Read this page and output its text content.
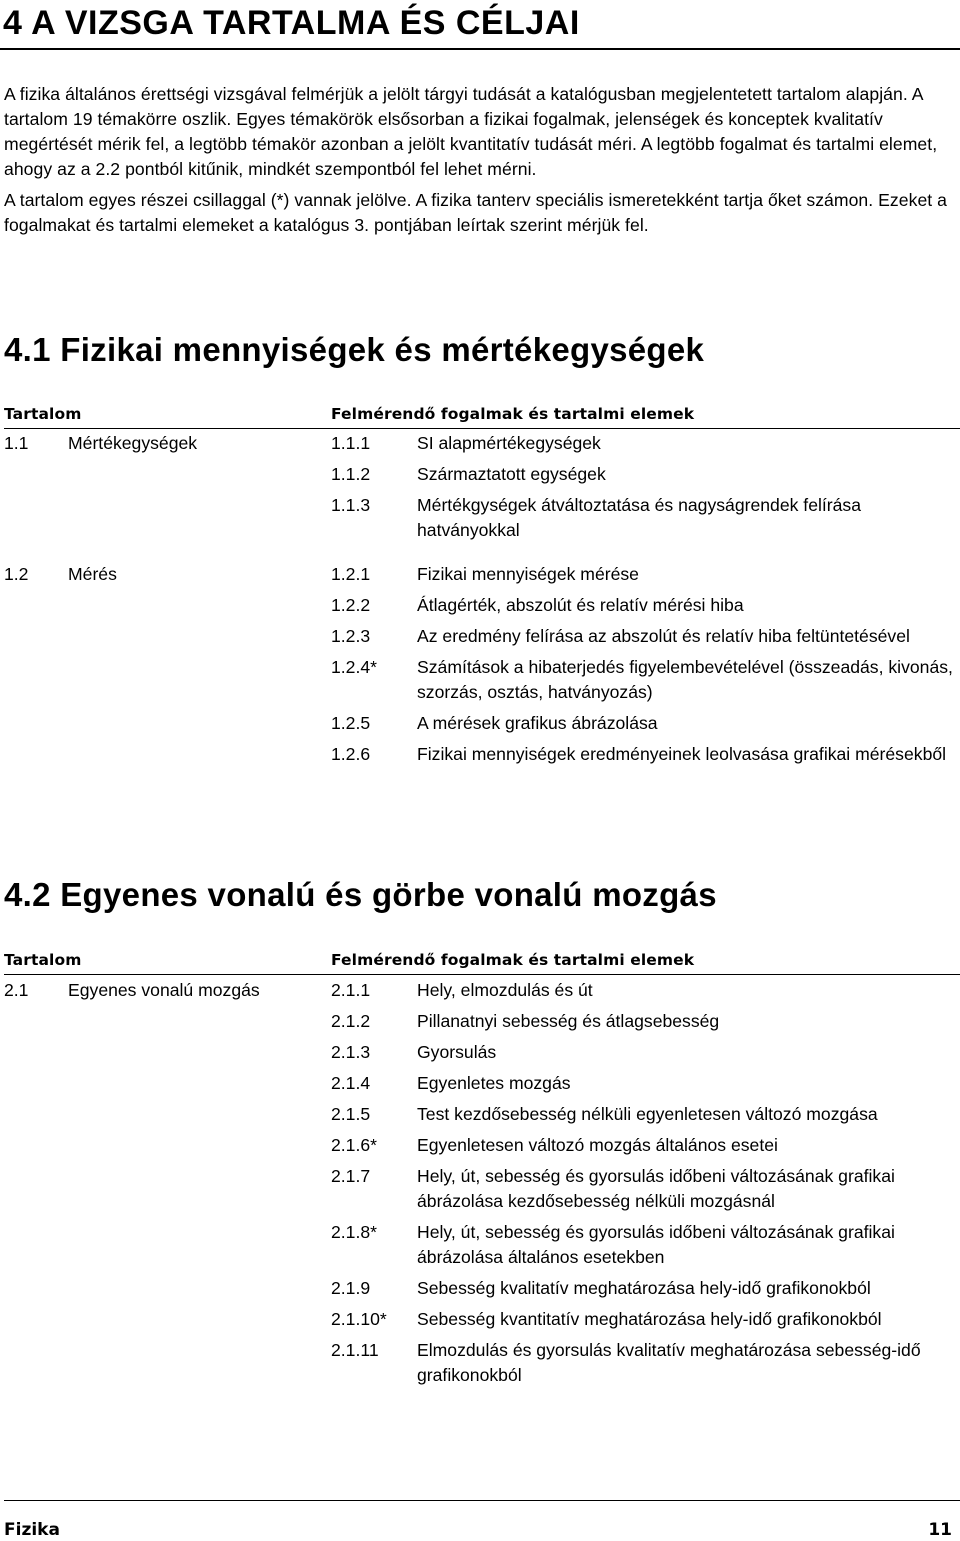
4 A VIZSGA TARTALMA ÉS CÉLJAI

A fizika általános érettségi vizsgával felmérjük a jelölt tárgyi tudását a katalógusban megjelentetett tartalom alapján. A tartalom 19 témakörre oszlik. Egyes témakörök elsősorban a fizikai fogalmak, jelenségek és konceptek kvalitatív megértését mérik fel, a legtöbb témakör azonban a jelölt kvantitatív tudását méri. A legtöbb fogalmat és tartalmi elemet, ahogy az a 2.2 pontból kitűnik, mindkét szempontból fel lehet mérni.

A tartalom egyes részei csillaggal (*) vannak jelölve. A fizika tanterv speciális ismeretekként tartja őket számon. Ezeket a fogalmakat és tartalmi elemeket a katalógus 3. pontjában leírtak szerint mérjük fel.

4.1 Fizikai mennyiségek és mértékegységek
Tartalom	Felmérendő fogalmak és tartalmi elemek
1.1 Mértékegységek	1.1.1	SI alapmértékegységek
1.1.2	Származtatott egységek
1.1.3	Mértékgységek átváltoztatása és nagyságrendek felírása hatványokkal
1.2 Mérés	1.2.1	Fizikai mennyiségek mérése
1.2.2	Átlagérték, abszolút és relatív mérési hiba
1.2.3	Az eredmény felírása az abszolút és relatív hiba feltüntetésével
1.2.4* Számítások a hibaterjedés figyelembevételével (összeadás, kivonás, szorzás, osztás, hatványozás)
1.2.5	A mérések grafikus ábrázolása
1.2.6	Fizikai mennyiségek eredményeinek leolvasása grafikai mérésekből
4.2 Egyenes vonalú és görbe vonalú mozgás
Tartalom	Felmérendő fogalmak és tartalmi elemek
2.1 Egyenes vonalú mozgás	2.1.1	Hely, elmozdulás és út
2.1.2	Pillanatnyi sebesség és átlagsebesség
2.1.3	Gyorsulás
2.1.4	Egyenletes mozgás
2.1.5	Test kezdősebesség nélküli egyenletesen változó mozgása
2.1.6* Egyenletesen változó mozgás általános esetei
2.1.7	Hely, út, sebesség és gyorsulás időbeni változásának grafikai ábrázolása kezdősebesség nélküli mozgásnál
2.1.8* Hely, út, sebesség és gyorsulás időbeni változásának grafikai ábrázolása általános esetekben
2.1.9	Sebesség kvalitatív meghatározása hely-idő grafikonokból
2.1.10* Sebesség kvantitatív meghatározása hely-idő grafikonokból
2.1.11 Elmozdulás és gyorsulás kvalitatív meghatározása sebesség-idő grafikonokból
Fizika	11
